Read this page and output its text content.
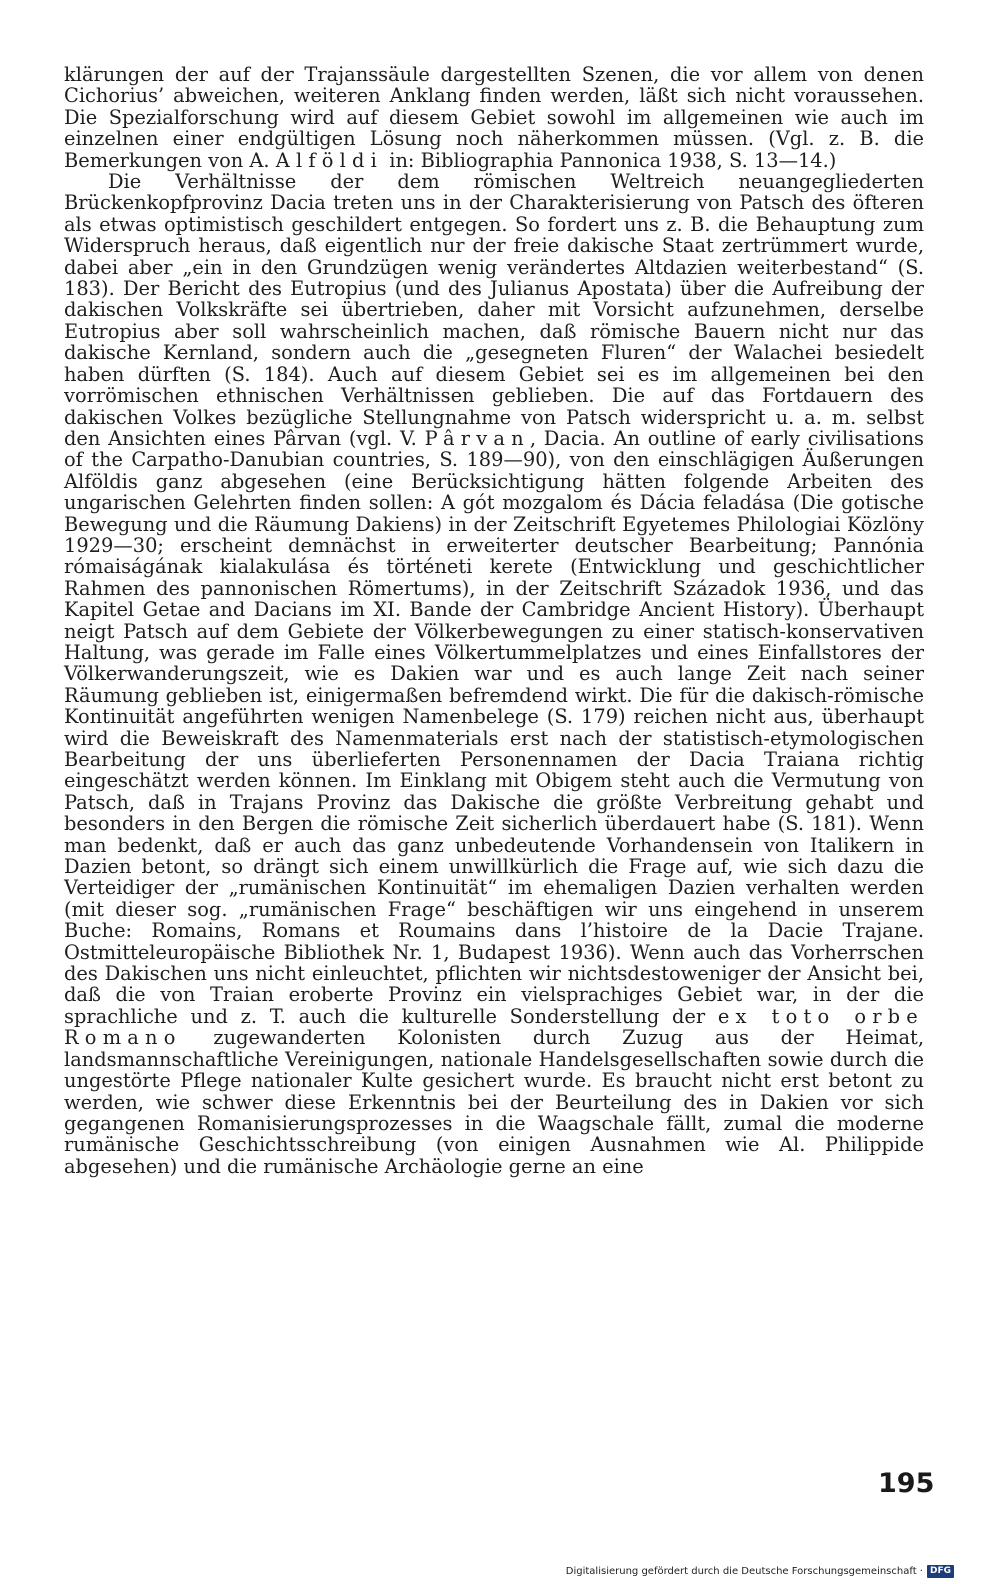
klärungen der auf der Trajanssäule dargestellten Szenen, die vor allem von denen Cichorius’ abweichen, weiteren Anklang finden werden, läßt sich nicht voraussehen. Die Spezialforschung wird auf diesem Gebiet sowohl im allgemeinen wie auch im einzelnen einer endgültigen Lösung noch näherkommen müssen. (Vgl. z. B. die Bemerkungen von A. Alföldi in: Bibliographia Pannonica 1938, S. 13—14.)

Die Verhältnisse der dem römischen Weltreich neuangegliederten Brückenkopfprovinz Dacia treten uns in der Charakterisierung von Patsch des öfteren als etwas optimistisch geschildert entgegen. So fordert uns z. B. die Behauptung zum Widerspruch heraus, daß eigentlich nur der freie dakische Staat zertrümmert wurde, dabei aber „ein in den Grundzügen wenig verändertes Altdazien weiterbestand“ (S. 183). Der Bericht des Eutropius (und des Julianus Apostata) über die Aufreibung der dakischen Volkskräfte sei übertrieben, daher mit Vorsicht aufzunehmen, derselbe Eutropius aber soll wahrscheinlich machen, daß römische Bauern nicht nur das dakische Kernland, sondern auch die „gesegneten Fluren“ der Walachei besiedelt haben dürften (S. 184). Auch auf diesem Gebiet sei es im allgemeinen bei den vorrömischen ethnischen Verhältnissen geblieben. Die auf das Fortdauern des dakischen Volkes bezügliche Stellungnahme von Patsch widerspricht u. a. m. selbst den Ansichten eines Pârvan (vgl. V. Pârvan, Dacia. An outline of early civilisations of the Carpatho-Danubian countries, S. 189—90), von den einschlägigen Äußerungen Alföldis ganz abgesehen (eine Berücksichtigung hätten folgende Arbeiten des ungarischen Gelehrten finden sollen: A gót mozgalom és Dácia feladása (Die gotische Bewegung und die Räumung Dakiens) in der Zeitschrift Egyetemes Philologiai Közlöny 1929—30; erscheint demnächst in erweiterter deutscher Bearbeitung; Pannónia rómaiságának kialakulása és történeti kerete (Entwicklung und geschichtlicher Rahmen des pannonischen Römertums), in der Zeitschrift Századok 1936, und das Kapitel Getae and Dacians im XI. Bande der Cambridge Ancient History). Überhaupt neigt Patsch auf dem Gebiete der Völkerbewegungen zu einer statisch-konservativen Haltung, was gerade im Falle eines Völkertummelplatzes und eines Einfallstores der Völkerwanderungszeit, wie es Dakien war und es auch lange Zeit nach seiner Räumung geblieben ist, einigermaßen befremdend wirkt. Die für die dakisch-römische Kontinuität angeführten wenigen Namenbelege (S. 179) reichen nicht aus, überhaupt wird die Beweiskraft des Namenmaterials erst nach der statistisch-etymologischen Bearbeitung der uns überlieferten Personennamen der Dacia Traiana richtig eingeschätzt werden können. Im Einklang mit Obigem steht auch die Vermutung von Patsch, daß in Trajans Provinz das Dakische die größte Verbreitung gehabt und besonders in den Bergen die römische Zeit sicherlich überdauert habe (S. 181). Wenn man bedenkt, daß er auch das ganz unbedeutende Vorhandensein von Italikern in Dazien betont, so drängt sich einem unwillkürlich die Frage auf, wie sich dazu die Verteidiger der „rumänischen Kontinuität“ im ehemaligen Dazien verhalten werden (mit dieser sog. „rumänischen Frage“ beschäftigen wir uns eingehend in unserem Buche: Romains, Romans et Roumains dans l’histoire de la Dacie Trajane. Ostmitteleuropäische Bibliothek Nr. 1, Budapest 1936). Wenn auch das Vorherrschen des Dakischen uns nicht einleuchtet, pflichten wir nichtsdestoweniger der Ansicht bei, daß die von Traian eroberte Provinz ein vielsprachiges Gebiet war, in der die sprachliche und z. T. auch die kulturelle Sonderstellung der ex toto orbe Romano zugewanderten Kolonisten durch Zuzug aus der Heimat, landsmannschaftliche Vereinigungen, nationale Handelsgesellschaften sowie durch die ungestörte Pflege nationaler Kulte gesichert wurde. Es braucht nicht erst betont zu werden, wie schwer diese Erkenntnis bei der Beurteilung des in Dakien vor sich gegangenen Romanisierungsprozesses in die Waagschale fällt, zumal die moderne rumänische Geschichtsschreibung (von einigen Ausnahmen wie Al. Philippide abgesehen) und die rumänische Archäologie gerne an eine

195
Digitalisierung gefördert durch die Deutsche Forschungsgemeinschaft · DFG
